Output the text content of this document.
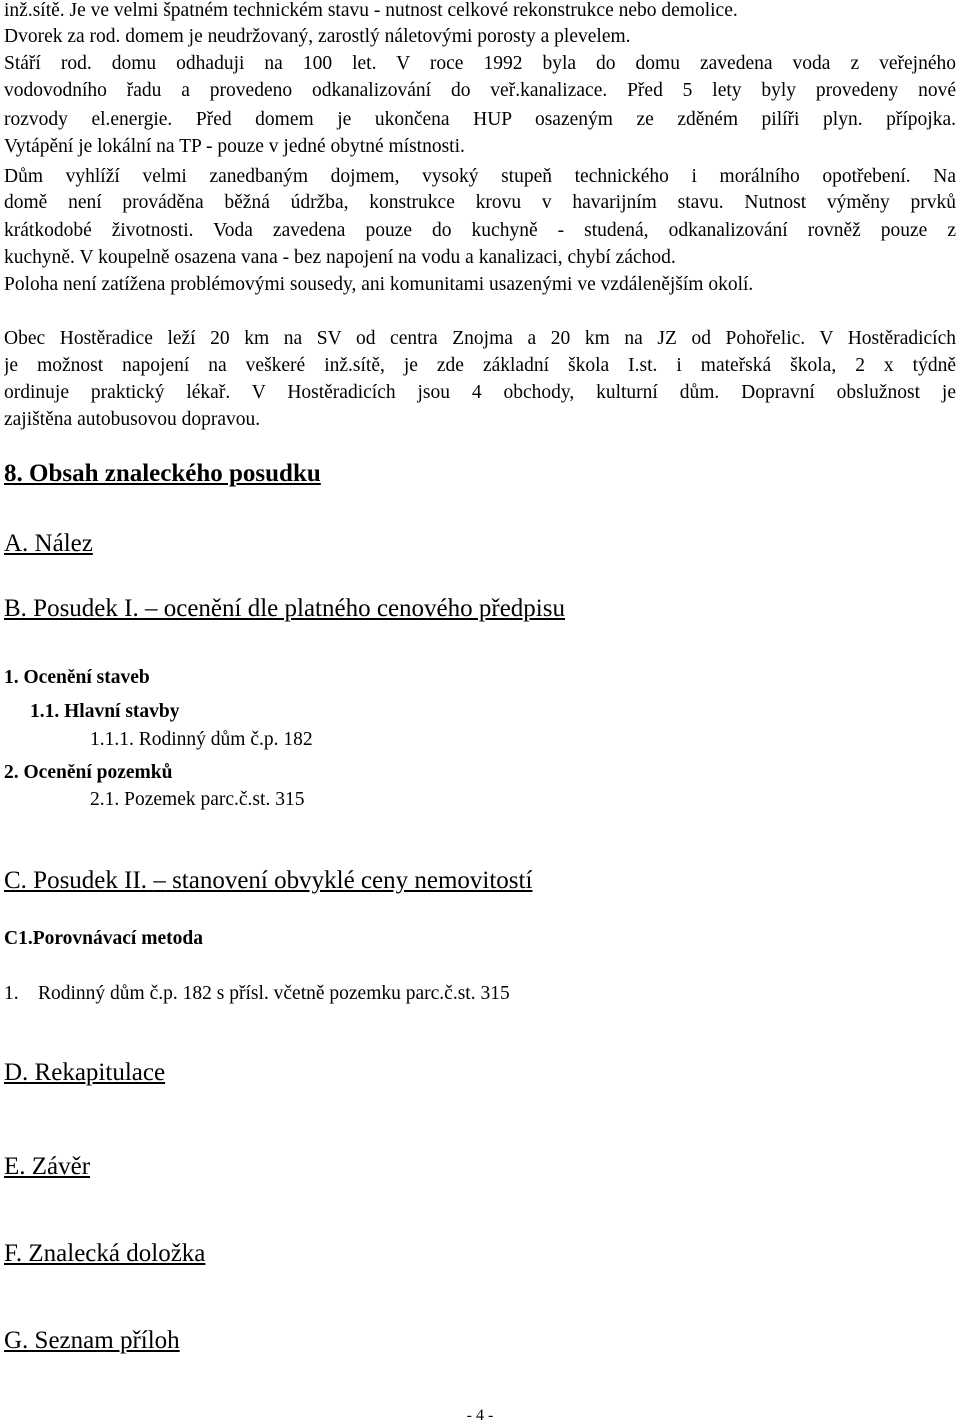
inž.sítě. Je ve velmi špatném technickém stavu - nutnost celkové rekonstrukce nebo demolice.
Dvorek za rod. domem je neudržovaný, zarostlý náletovými porosty a plevelem.
Stáří rod. domu odhaduji na 100 let. V roce 1992 byla do domu zavedena voda z veřejného
vodovodního řadu a provedeno odkanalizování do veř.kanalizace. Před 5 lety byly provedeny nové
rozvody el.energie. Před domem je ukončena HUP osazeným ze zděném pilíři plyn. přípojka.
Vytápění je lokální na TP - pouze v jedné obytné místnosti.
Dům vyhlíží velmi zanedbaným dojmem, vysoký stupeň technického i morálního opotřebení. Na
domě není prováděna běžná údržba, konstrukce krovu v havarijním stavu. Nutnost výměny prvků
krátkodobé životnosti. Voda zavedena pouze do kuchyně - studená, odkanalizování rovněž pouze z
kuchyně. V koupelně osazena vana - bez napojení na vodu a kanalizaci, chybí záchod.
Poloha není zatížena problémovými sousedy, ani komunitami usazenými ve vzdálenějším okolí.
Obec Hostěradice leží 20 km na SV od centra Znojma a 20 km na JZ od Pohořelic. V Hostěradicích
je možnost napojení na veškeré inž.sítě, je zde základní škola I.st. i mateřská škola, 2 x týdně
ordinuje praktický lékař. V Hostěradicích jsou 4 obchody, kulturní dům. Dopravní obslužnost je
zajištěna autobusovou dopravou.
8. Obsah znaleckého posudku
A. Nález
B. Posudek I. – ocenění dle platného cenového předpisu
1. Ocenění staveb
1.1. Hlavní stavby
1.1.1. Rodinný dům č.p. 182
2. Ocenění pozemků
2.1. Pozemek parc.č.st. 315
C. Posudek II. – stanovení obvyklé ceny nemovitostí
C1.Porovnávací metoda
1. Rodinný dům č.p. 182 s přísl. včetně pozemku parc.č.st. 315
D. Rekapitulace
E. Závěr
F. Znalecká doložka
G. Seznam příloh
- 4 -
